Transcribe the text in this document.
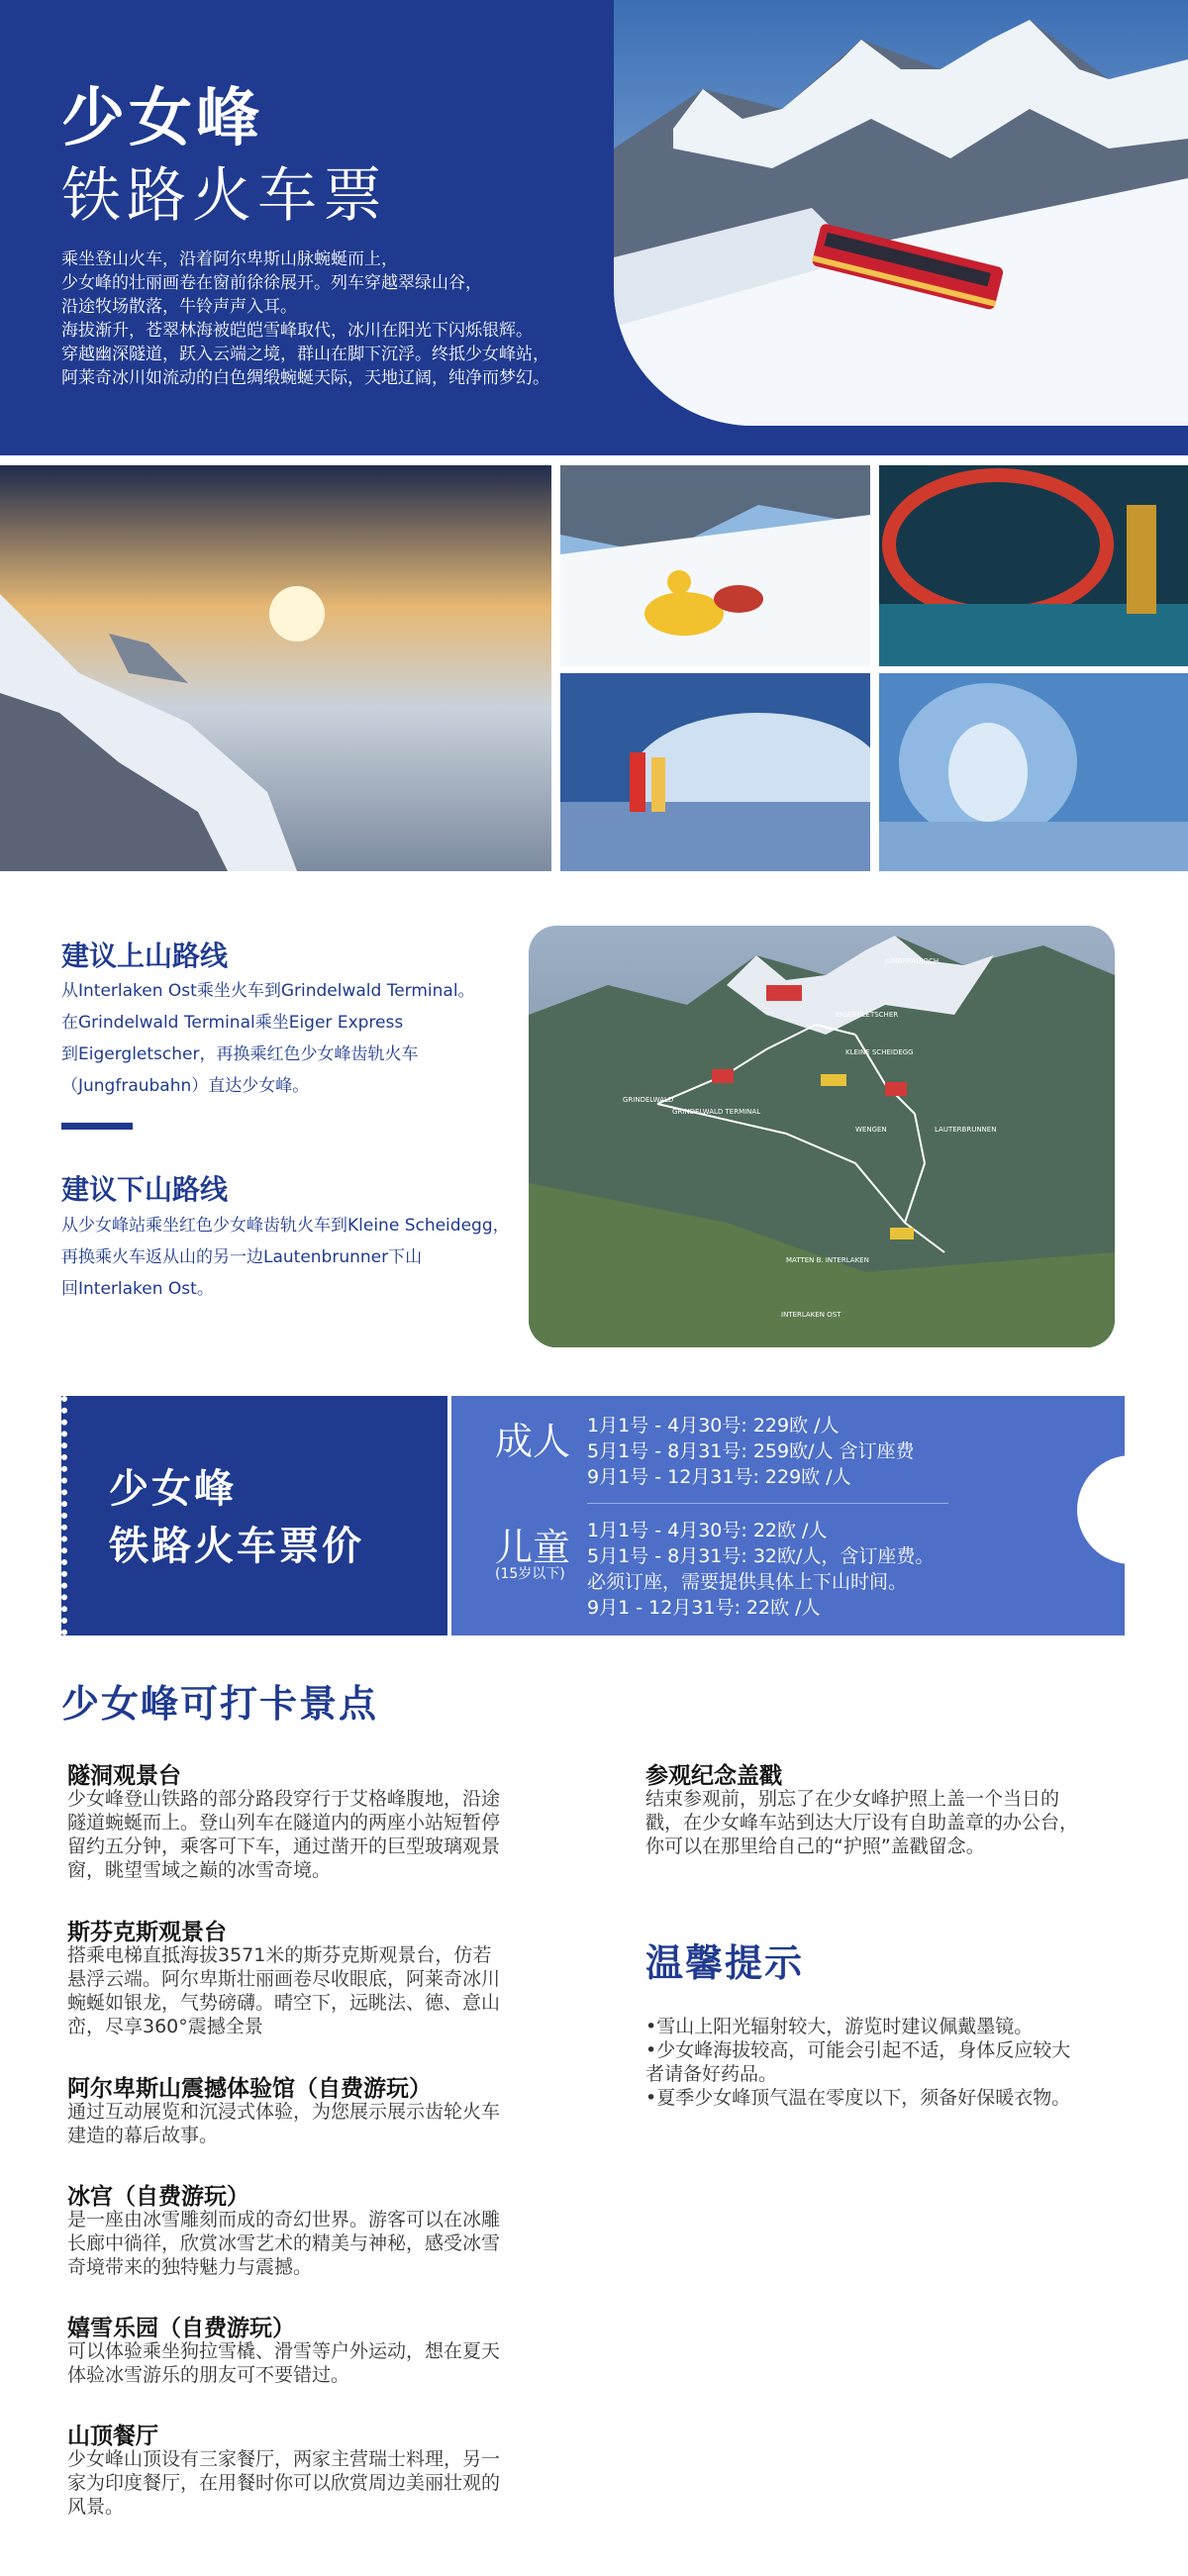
少女峰
铁路火车票
乘坐登山火车，沿着阿尔卑斯山脉蜿蜒而上，
少女峰的壮丽画卷在窗前徐徐展开。列车穿越翠绿山谷，
沿途牧场散落，牛铃声声入耳。
海拔渐升，苍翠林海被皑皑雪峰取代，冰川在阳光下闪烁银辉。
穿越幽深隧道，跃入云端之境，群山在脚下沉浮。终抵少女峰站，
阿莱奇冰川如流动的白色绸缎蜿蜒天际，天地辽阔，纯净而梦幻。
建议上山路线
从Interlaken Ost乘坐火车到Grindelwald Terminal。
在Grindelwald Terminal乘坐Eiger Express
到Eigergletscher，再换乘红色少女峰齿轨火车
（Jungfraubahn）直达少女峰。
建议下山路线
从少女峰站乘坐红色少女峰齿轨火车到Kleine Scheidegg，
再换乘火车返从山的另一边Lautenbrunner下山
回Interlaken Ost。
JUNGFRAUJOCH
EIGERGLETSCHER
KLEINE SCHEIDEGG
GRINDELWALD
GRINDELWALD TERMINAL
WENGEN	LAUTERBRUNNEN
MATTEN B. INTERLAKEN
INTERLAKEN OST
少女峰
铁路火车票价
成人 1月1号 - 4月30号: 229欧 /人
5月1号 - 8月31号: 259欧/人 含订座费
9月1号 - 12月31号: 229欧 /人
儿童
(15岁以下)
1月1号 - 4月30号: 22欧 /人
5月1号 - 8月31号: 32欧/人，含订座费。
必须订座，需要提供具体上下山时间。
9月1 - 12月31号: 22欧 /人
少女峰可打卡景点
隧洞观景台
少女峰登山铁路的部分路段穿行于艾格峰腹地，沿途
隧道蜿蜒而上。登山列车在隧道内的两座小站短暂停
留约五分钟，乘客可下车，通过凿开的巨型玻璃观景
窗，眺望雪域之巅的冰雪奇境。
斯芬克斯观景台
搭乘电梯直抵海拔3571米的斯芬克斯观景台，仿若
悬浮云端。阿尔卑斯壮丽画卷尽收眼底，阿莱奇冰川
蜿蜒如银龙，气势磅礴。晴空下，远眺法、德、意山
峦，尽享360°震撼全景
阿尔卑斯山震撼体验馆（自费游玩）
通过互动展览和沉浸式体验，为您展示展示齿轮火车
建造的幕后故事。
冰宫（自费游玩）
是一座由冰雪雕刻而成的奇幻世界。游客可以在冰雕
长廊中徜徉，欣赏冰雪艺术的精美与神秘，感受冰雪
奇境带来的独特魅力与震撼。
嬉雪乐园（自费游玩）
可以体验乘坐狗拉雪橇、滑雪等户外运动，想在夏天
体验冰雪游乐的朋友可不要错过。
山顶餐厅
少女峰山顶设有三家餐厅，两家主营瑞士料理，另一
家为印度餐厅，在用餐时你可以欣赏周边美丽壮观的
风景。
参观纪念盖戳
结束参观前，别忘了在少女峰护照上盖一个当日的
戳，在少女峰车站到达大厅设有自助盖章的办公台，
你可以在那里给自己的“护照”盖戳留念。
温馨提示
•雪山上阳光辐射较大，游览时建议佩戴墨镜。
•少女峰海拔较高，可能会引起不适，身体反应较大
者请备好药品。
•夏季少女峰顶气温在零度以下，须备好保暖衣物。
